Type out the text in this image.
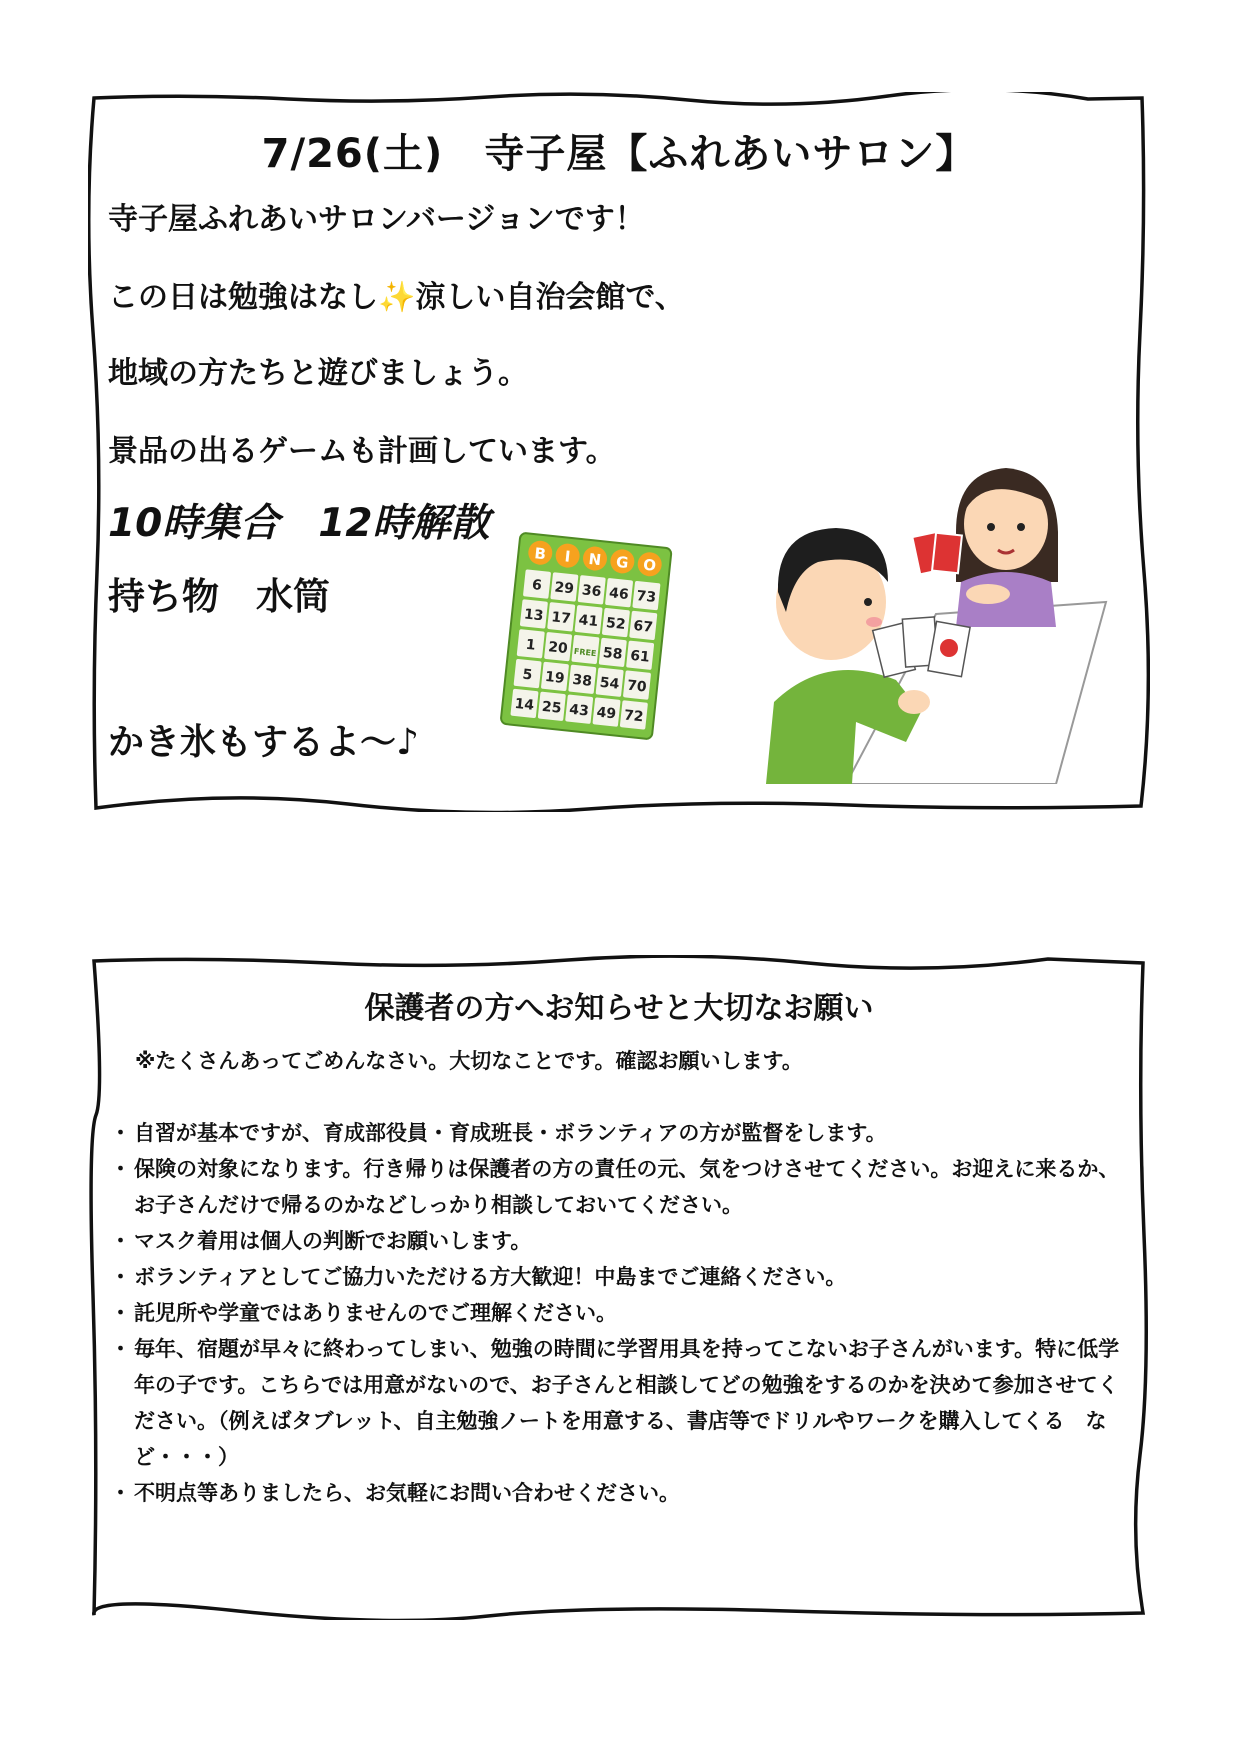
7/26(土)　寺子屋【ふれあいサロン】
寺子屋ふれあいサロンバージョンです！
この日は勉強はなし✨涼しい自治会館で、
地域の方たちと遊びましょう。
景品の出るゲームも計画しています。
10時集合　12時解散
持ち物　水筒
かき氷もするよ～♪
B I N G O
6 29 36 46 73
13 17 41 52 67
1 20 FREE 58 61
5 19 38 54 70
14 25 43 49 72
保護者の方へお知らせと大切なお願い
※たくさんあってごめんなさい。大切なことです。確認お願いします。
・ 自習が基本ですが、育成部役員・育成班長・ボランティアの方が監督をします。
・ 保険の対象になります。行き帰りは保護者の方の責任の元、気をつけさせてください。お迎えに来るか、お子さんだけで帰るのかなどしっかり相談しておいてください。
・ マスク着用は個人の判断でお願いします。
・ ボランティアとしてご協力いただける方大歓迎！中島までご連絡ください。
・ 託児所や学童ではありませんのでご理解ください。
・ 毎年、宿題が早々に終わってしまい、勉強の時間に学習用具を持ってこないお子さんがいます。特に低学年の子です。こちらでは用意がないので、お子さんと相談してどの勉強をするのかを決めて参加させてください。（例えばタブレット、自主勉強ノートを用意する、書店等でドリルやワークを購入してくる　など・・・）
・ 不明点等ありましたら、お気軽にお問い合わせください。
